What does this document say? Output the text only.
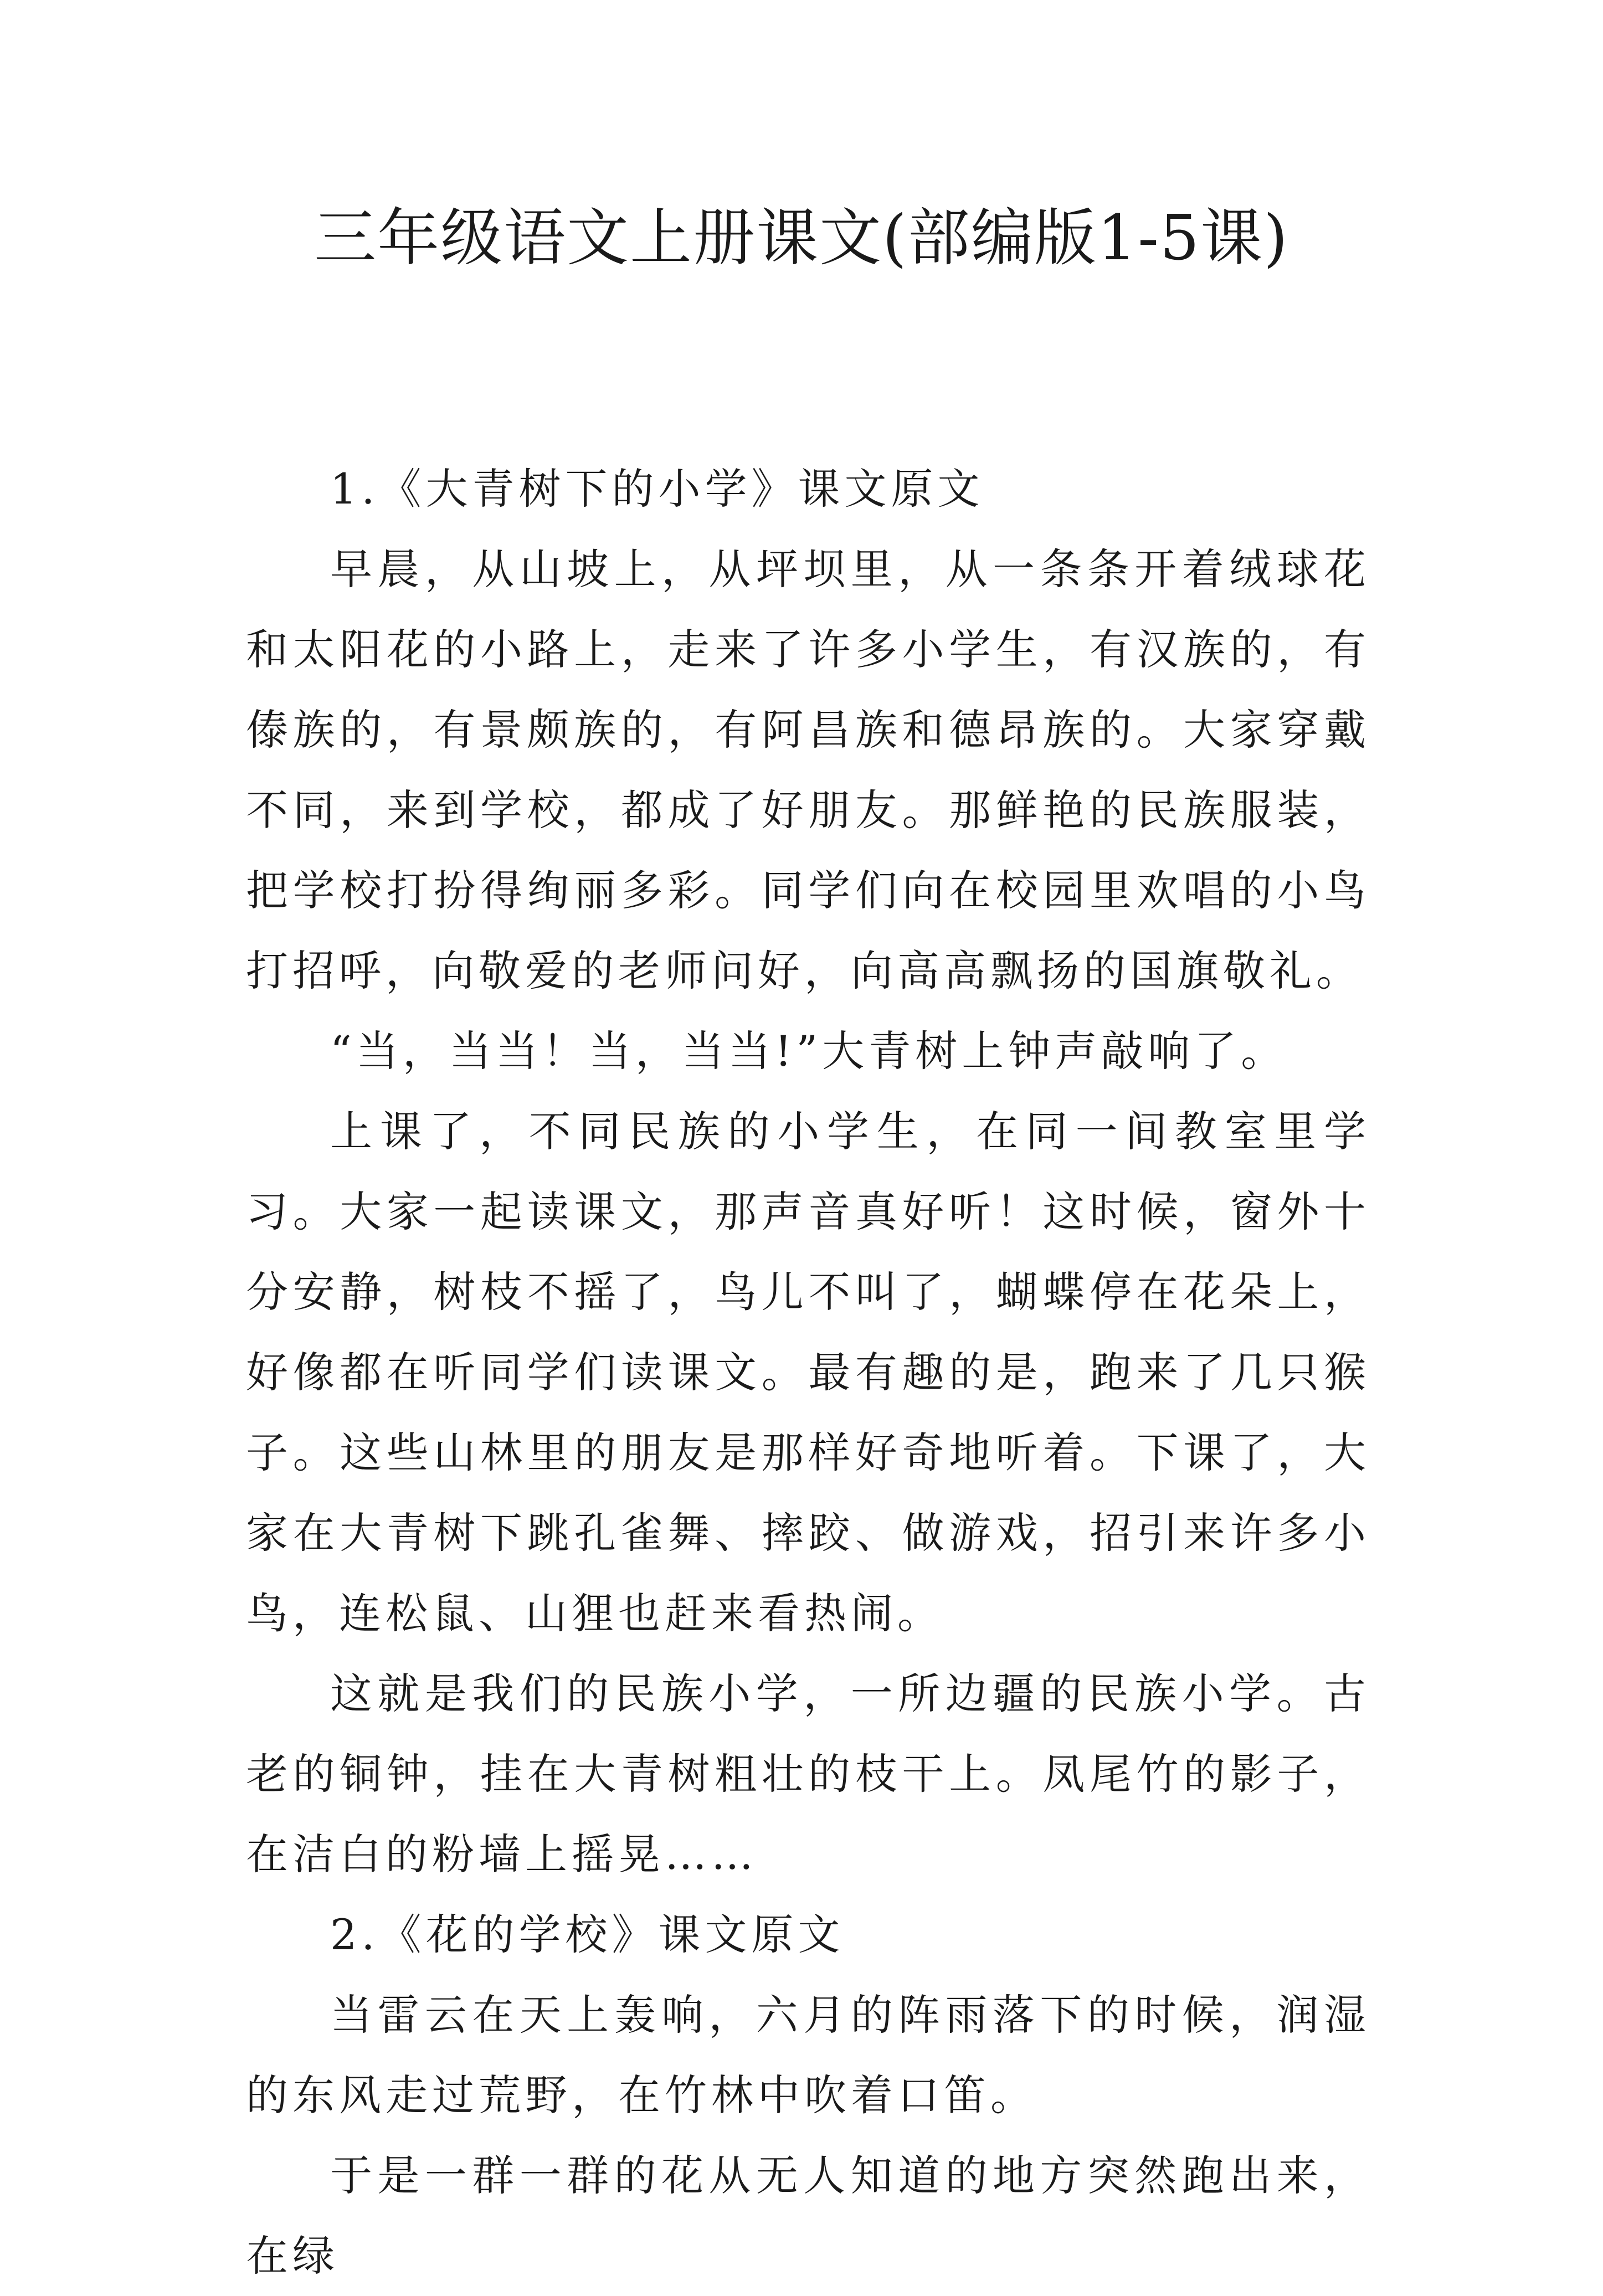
三年级语文上册课文(部编版1-5课)

1.《大青树下的小学》课文原文

早晨，从山坡上，从坪坝里，从一条条开着绒球花和太阳花的小路上，走来了许多小学生，有汉族的，有傣族的，有景颇族的，有阿昌族和德昂族的。大家穿戴不同，来到学校，都成了好朋友。那鲜艳的民族服装，把学校打扮得绚丽多彩。同学们向在校园里欢唱的小鸟打招呼，向敬爱的老师问好，向高高飘扬的国旗敬礼。

“当，当当！当，当当!”大青树上钟声敲响了。

上课了，不同民族的小学生，在同一间教室里学习。大家一起读课文，那声音真好听！这时候，窗外十分安静，树枝不摇了，鸟儿不叫了，蝴蝶停在花朵上，好像都在听同学们读课文。最有趣的是，跑来了几只猴子。这些山林里的朋友是那样好奇地听着。下课了，大家在大青树下跳孔雀舞、摔跤、做游戏，招引来许多小鸟，连松鼠、山狸也赶来看热闹。

这就是我们的民族小学，一所边疆的民族小学。古老的铜钟，挂在大青树粗壮的枝干上。凤尾竹的影子，在洁白的粉墙上摇晃……

2.《花的学校》课文原文

当雷云在天上轰响，六月的阵雨落下的时候，润湿的东风走过荒野，在竹林中吹着口笛。

于是一群一群的花从无人知道的地方突然跑出来，在绿
